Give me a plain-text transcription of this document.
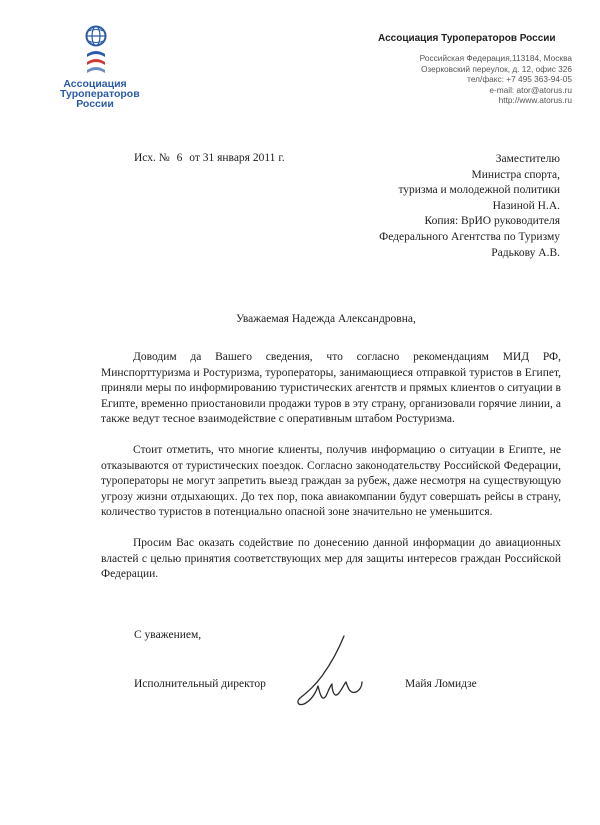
Ассоциация
Туроператоров
России
Ассоциация Туроператоров России
Российская Федерация,113184, Москва
Озерковский переулок, д. 12, офис 326
тел/факс: +7 495 363-94-05
e-mail: ator@atorus.ru
http://www.atorus.ru
Исх. № 6 от 31 января 2011 г.	Заместителю
Министра спорта,
туризма и молодежной политики
Назиной Н.А.
Копия: ВрИО руководителя
Федерального Агентства по Туризму
Радькову А.В.
Уважаемая Надежда Александровна,

Доводим да Вашего сведения, что согласно рекомендациям МИД РФ, Минспорттуризма и Ростуризма, туроператоры, занимающиеся отправкой туристов в Египет, приняли меры по информированию туристических агентств и прямых клиентов о ситуации в Египте, временно приостановили продажи туров в эту страну, организовали горячие линии, а также ведут тесное взаимодействие с оперативным штабом Ростуризма.

Стоит отметить, что многие клиенты, получив информацию о ситуации в Египте, не отказываются от туристических поездок. Согласно законодательству Российской Федерации, туроператоры не могут запретить выезд граждан за рубеж, даже несмотря на существующую угрозу жизни отдыхающих. До тех пор, пока авиакомпании будут совершать рейсы в страну, количество туристов в потенциально опасной зоне значительно не уменьшится.

Просим Вас оказать содействие по донесению данной информации до авиационных властей с целью принятия соответствующих мер для защиты интересов граждан Российской Федерации.

С уважением,
Исполнительный директор	Майя Ломидзе
